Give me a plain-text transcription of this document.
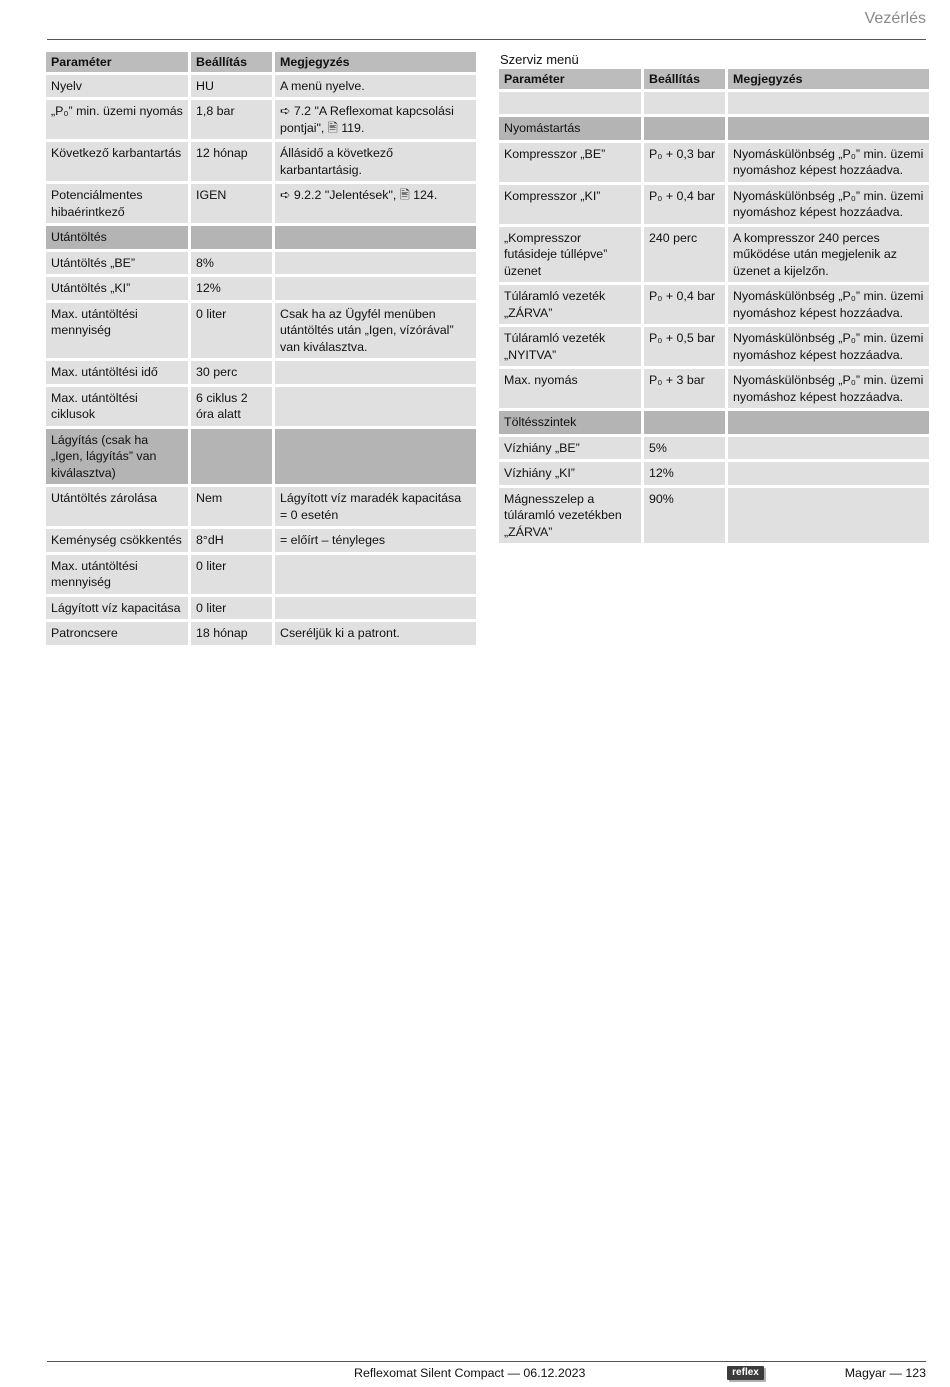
Vezérlés
Paraméter	Beállítás	Megjegyzés
Nyelv	HU	A menü nyelve.
„P₀” min. üzemi nyomás	1,8 bar	➪ 7.2 "A Reflexomat kapcsolási pontjai", 🖹 119.
Következő karbantartás	12 hónap	Állásidő a következő karbantartásig.
Potenciálmentes hibaérintkező	IGEN	➪ 9.2.2 "Jelentések", 🖹 124.
Utántöltés		
Utántöltés „BE”	8%	
Utántöltés „KI”	12%	
Max. utántöltési mennyiség	0 liter	Csak ha az Ügyfél menüben utántöltés után „Igen, vízórával” van kiválasztva.
Max. utántöltési idő	30 perc	
Max. utántöltési ciklusok	6 ciklus 2 óra alatt	
Lágyítás (csak ha „Igen, lágyítás” van kiválasztva)		
Utántöltés zárolása	Nem	Lágyított víz maradék kapacitása = 0 esetén
Keménység csökkentés	8°dH	= előírt – tényleges
Max. utántöltési mennyiség	0 liter	
Lágyított víz kapacitása	0 liter	
Patroncsere	18 hónap	Cseréljük ki a patront.
Szerviz menü
Paraméter	Beállítás	Megjegyzés

Nyomástartás		
Kompresszor „BE”	P₀ + 0,3 bar	Nyomáskülönbség „P₀” min. üzemi nyomáshoz képest hozzáadva.
Kompresszor „KI”	P₀ + 0,4 bar	Nyomáskülönbség „P₀” min. üzemi nyomáshoz képest hozzáadva.
„Kompresszor futásideje túllépve” üzenet	240 perc	A kompresszor 240 perces működése után megjelenik az üzenet a kijelzőn.
Túláramló vezeték „ZÁRVA”	P₀ + 0,4 bar	Nyomáskülönbség „P₀” min. üzemi nyomáshoz képest hozzáadva.
Túláramló vezeték „NYITVA”	P₀ + 0,5 bar	Nyomáskülönbség „P₀” min. üzemi nyomáshoz képest hozzáadva.
Max. nyomás	P₀ + 3 bar	Nyomáskülönbség „P₀” min. üzemi nyomáshoz képest hozzáadva.
Töltésszintek		
Vízhiány „BE”	5%	
Vízhiány „KI”	12%	
Mágnesszelep a túláramló vezetékben „ZÁRVA”	90%	
Reflexomat Silent Compact — 06.12.2023	reflex	Magyar — 123
